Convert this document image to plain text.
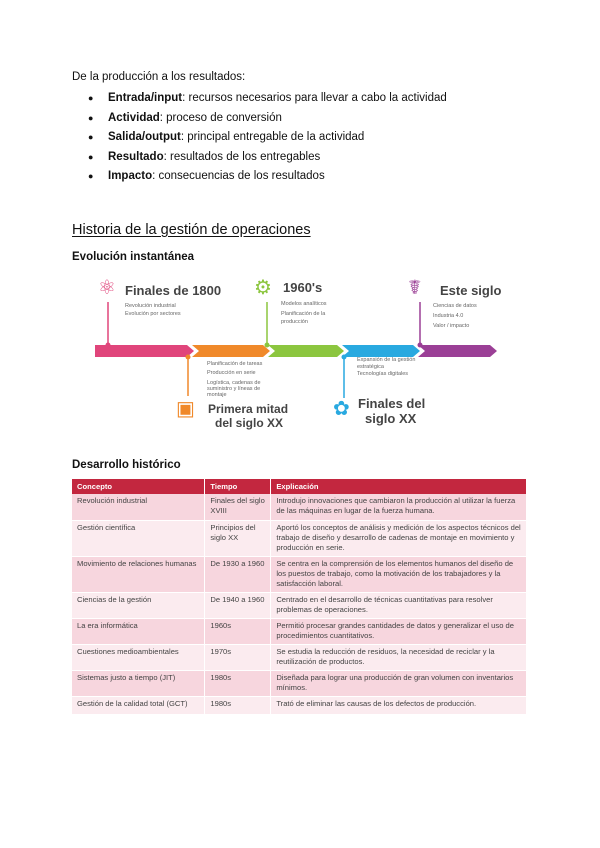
De la producción a los resultados:
● Entrada/input: recursos necesarios para llevar a cabo la actividad
● Actividad: proceso de conversión
● Salida/output: principal entregable de la actividad
● Resultado: resultados de los entregables
● Impacto: consecuencias de los resultados
Historia de la gestión de operaciones
Evolución instantánea
⚛ Finales de 1800
Revolución industrial
Evolución por sectores
Planificación de tareas
Producción en serie
Logística, cadenas de
suministro y líneas de
montaje
▣ Primera mitad
del siglo XX
⚙ 1960's
Modelos analíticos
Planificación de la
producción
Expansión de la gestión
estratégica
Tecnologías digitales
✿ Finales del
siglo XX
☤ Este siglo
Ciencias de datos
Industria 4.0
Valor / impacto
Desarrollo histórico
Concepto	Tiempo	Explicación
Revolución industrial	Finales del siglo XVIII	Introdujo innovaciones que cambiaron la producción al utilizar la fuerza de las máquinas en lugar de la fuerza humana.
Gestión científica	Principios del siglo XX	Aportó los conceptos de análisis y medición de los aspectos técnicos del trabajo de diseño y desarrollo de cadenas de montaje en movimiento y producción en serie.
Movimiento de relaciones humanas	De 1930 a 1960	Se centra en la comprensión de los elementos humanos del diseño de los puestos de trabajo, como la motivación de los trabajadores y la satisfacción laboral.
Ciencias de la gestión	De 1940 a 1960	Centrado en el desarrollo de técnicas cuantitativas para resolver problemas de operaciones.
La era informática	1960s	Permitió procesar grandes cantidades de datos y generalizar el uso de procedimientos cuantitativos.
Cuestiones medioambientales	1970s	Se estudia la reducción de residuos, la necesidad de reciclar y la reutilización de productos.
Sistemas justo a tiempo (JIT)	1980s	Diseñada para lograr una producción de gran volumen con inventarios mínimos.
Gestión de la calidad total (GCT)	1980s	Trató de eliminar las causas de los defectos de producción.
